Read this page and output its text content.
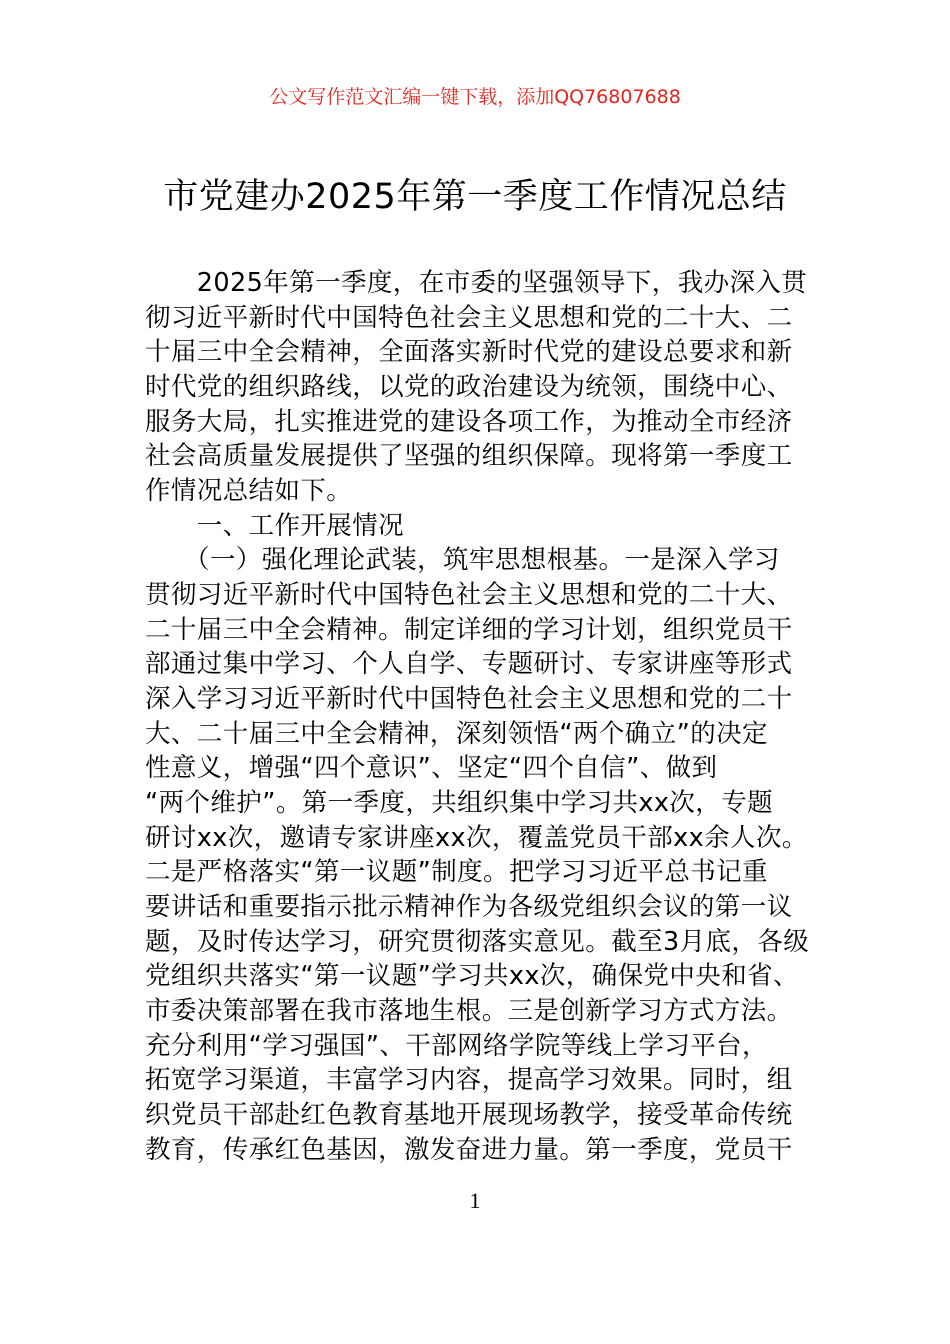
公文写作范文汇编一键下载，添加QQ76807688
市党建办2025年第一季度工作情况总结
　　2025年第一季度，在市委的坚强领导下，我办深入贯
彻习近平新时代中国特色社会主义思想和党的二十大、二
十届三中全会精神，全面落实新时代党的建设总要求和新
时代党的组织路线，以党的政治建设为统领，围绕中心、
服务大局，扎实推进党的建设各项工作，为推动全市经济
社会高质量发展提供了坚强的组织保障。现将第一季度工
作情况总结如下。
　　一、工作开展情况
　　（一）强化理论武装，筑牢思想根基。一是深入学习
贯彻习近平新时代中国特色社会主义思想和党的二十大、
二十届三中全会精神。制定详细的学习计划，组织党员干
部通过集中学习、个人自学、专题研讨、专家讲座等形式
深入学习习近平新时代中国特色社会主义思想和党的二十
大、二十届三中全会精神，深刻领悟“两个确立”的决定
性意义，增强“四个意识”、坚定“四个自信”、做到
“两个维护”。第一季度，共组织集中学习共xx次，专题
研讨xx次，邀请专家讲座xx次，覆盖党员干部xx余人次。
二是严格落实“第一议题”制度。把学习习近平总书记重
要讲话和重要指示批示精神作为各级党组织会议的第一议
题，及时传达学习，研究贯彻落实意见。截至3月底，各级
党组织共落实“第一议题”学习共xx次，确保党中央和省、
市委决策部署在我市落地生根。三是创新学习方式方法。
充分利用“学习强国”、干部网络学院等线上学习平台，
拓宽学习渠道，丰富学习内容，提高学习效果。同时，组
织党员干部赴红色教育基地开展现场教学，接受革命传统
教育，传承红色基因，激发奋进力量。第一季度，党员干
1
